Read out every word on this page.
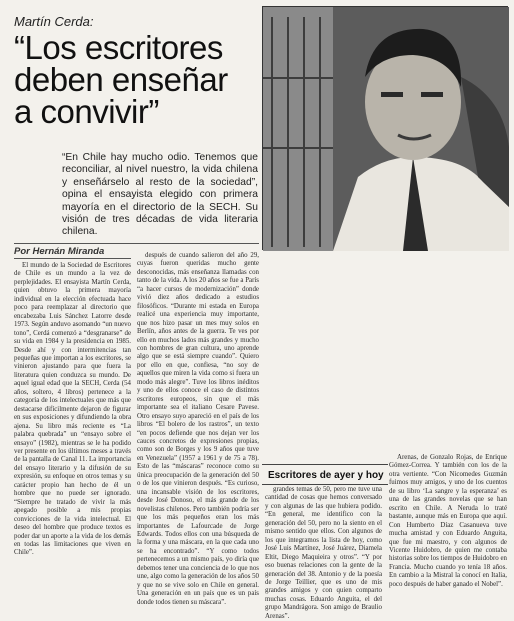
Martín Cerda:
“Los escritores
deben enseñar
a convivir”
“En Chile hay mucho odio. Tenemos que reconciliar, al nivel nuestro, la vida chilena y enseñárselo al resto de la sociedad”, opina el ensayista elegido con primera mayoría en el directorio de la SECH. Su visión de tres décadas de vida literaria chilena.
Por Hernán Miranda

El mundo de la Sociedad de Escritores de Chile es un mundo a la vez de perplejidades. El ensayista Martín Cerda, quien obtuvo la primera mayoría individual en la elección efectuada hace poco para reemplazar al directorio que encabezaba Luis Sánchez Latorre desde 1973. Según anduvo asomando “un nuevo tono”, Cerdá comenzó a “desgranarse” de su vida en 1984 y la presidencia en 1985. Desde ahí y con intermitencias tan pequeñas que importan a los escritores, se vinieron ajustando para que fuera la literatura quien conduzca su mundo. De aquel igual edad que la SECH, Cerda (54 años, soltero, 4 libros) pertenece a la categoría de los intelectuales que más que destacarse difícilmente dejaron de figurar en sus exposiciones y difundiendo la obra ajena. Su libro más reciente es “La palabra quebrada” un “ensayo sobre el ensayo” (1982), mientras se le ha podido ver presente en los últimos meses a través de la pantalla de Canal 11. La importancia del ensayo literario y la difusión de su expresión, su enfoque en otros temas y su carácter propio han hecho de él un hombre que no puede ser ignorado. “Siempre he tratado de vivir la más apegado posible a mis propias convicciones de la vida intelectual. El deseo del hombre que produce textos es poder dar un aporte a la vida de los demás en todas las limitaciones que viven en Chile”.

después de cuando salieron del año 29, cuyas fueron queridas mucho gente desconocidas, más enseñanza llamadas con tanto de la vida. A los 20 años se fue a París “a hacer cursos de modernización” donde vivió diez años dedicado a estudios filosóficos. “Durante mi estada en Europa realicé una experiencia muy importante, que nos hizo pasar un mes muy solos en Berlín, años antes de la guerra. Te ves por ello en muchos lados más grandes y mucho con hombres de gran cultura, uno aprende algo que se está siempre cuando”. Quiero por ello en que, confiesa, “no soy de aquellos que miren la vida como si fuera un modo más alegre”. Tuve los libros inéditos y uno de ellos conoce el caso de distintos escritores europeos, sin que el más importante sea el italiano Cesare Pavese. Otro ensayo suyo apareció en el país de los libros “El bolero de los rastros”, un texto “en pocos defiende que nos dejan ver los cauces concretos de expresiones propias, como son de Borges y los 9 años que tuve en Venezuela” (1957 a 1961 y de 75 a 78). Esto de las “máscaras” reconoce como su única preocupación de la generación del 50 o de los que vinieron después. “Es curioso, una incansable visión de los escritores, desde José Donoso, el más grande de los novelistas chilenos. Pero también podría ser que los más pequeños eran los más importantes de Lafourcade de Jorge Edwards. Todos ellos con una búsqueda de la forma y una máscara, en la que cada uno se ha encontrado”. “Y como todos pertenecemos a un mismo país, yo diría que debemos tener una conciencia de lo que nos une, algo como la generación de los años 50 y que no se vive solo en Chile en general. Una generación en un país que es un país donde todos tienen su máscara”.

Escritores de ayer y hoy

grandes temas de 50, pero me tuve una cantidad de cosas que hemos conversado y con algunas de las que hubiera podido. “En general, me identifico con la generación del 50, pero no la siento en el mismo sentido que ellos. Con algunos de los que integramos la lista de hoy, como José Luis Martínez, José Juárez, Diamela Eltit, Diego Maquieira y otros”. “Y por eso buenas relaciones con la gente de la generación del 38. Antonio y de la poesía de Jorge Teillier, que es uno de mis grandes amigos y con quien comparto muchas cosas. Eduardo Anguita, el del grupo Mandrágora. Son amigo de Braulio Arenas”.

Arenas, de Gonzalo Rojas, de Enrique Gómez-Correa. Y también con los de la otra vertiente. “Con Nicomedes Guzmán fuimos muy amigos, y uno de los cuentos de su libro ‘La sangre y la esperanza’ es una de las grandes novelas que se han escrito en Chile. A Neruda lo traté bastante, aunque más en Europa que aquí. Con Humberto Díaz Casanueva tuve mucha amistad y con Eduardo Anguita, que fue mi maestro, y con algunos de Vicente Huidobro, de quien me contaba historias sobre los tiempos de Huidobro en Francia. Mucho cuando yo tenía 18 años. En cambio a la Mistral la conocí en Italia, poco después de haber ganado el Nobel”.
